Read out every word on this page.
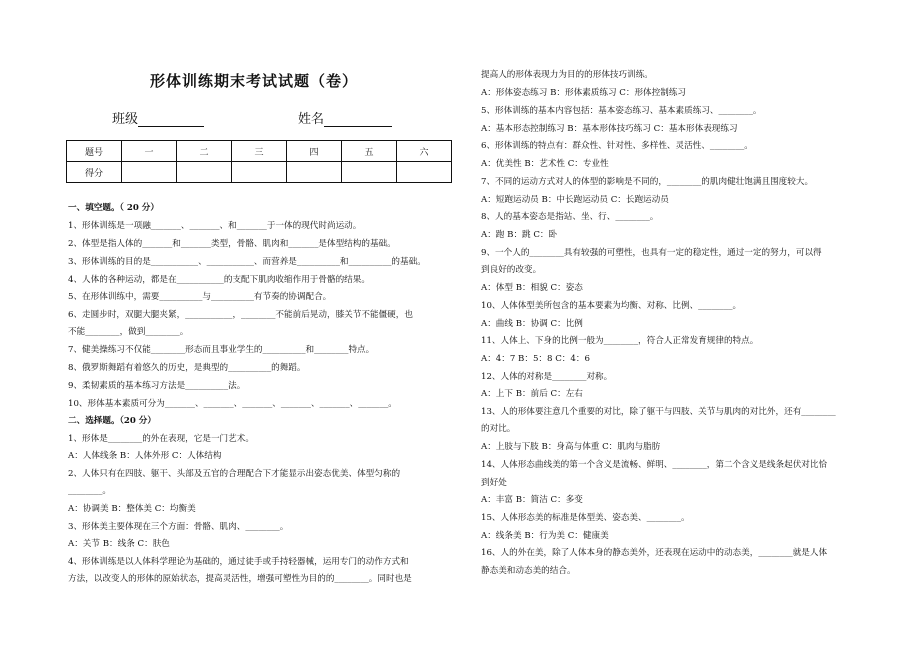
形体训练期末考试试题（卷）
班级	姓名
题号	一	二	三	四	五	六
得分						
一、填空题。（ 20 分）
1、形体训练是一项融_______、_______、和_______于一体的现代时尚运动。
2、体型是指人体的_______和_______类型，骨骼、肌肉和_______是体型结构的基础。
3、形体训练的目的是___________、___________、而营养是__________和__________的基础。
4、人体的各种运动，都是在___________的支配下肌肉收缩作用于骨骼的结果。
5、在形体训练中，需要__________与__________有节奏的协调配合。
6、走圆步时，双腿大腿夹紧，___________，________不能前后晃动，膝关节不能僵硬，也
不能________，做到________。
7、健美操练习不仅能________形态而且事业学生的__________和________特点。
8、俄罗斯舞蹈有着悠久的历史，是典型的__________的舞蹈。
9、柔韧素质的基本练习方法是__________法。
10、形体基本素质可分为_______、_______、_______、_______、_______、_______。
二、选择题。（20 分）
1、形体是________的外在表现，它是一门艺术。
A：人体线条 B：人体外形 C：人体结构
2、人体只有在四肢、躯干、头部及五官的合理配合下才能显示出姿态优美、体型匀称的
________。
A：协调美 B：整体美 C：均衡美
3、形体美主要体现在三个方面：骨骼、肌肉、________。
A：关节 B：线条 C：肤色
4、形体训练是以人体科学理论为基础的，通过徒手或手持轻器械，运用专门的动作方式和
方法，以改变人的形体的原始状态，提高灵活性，增强可塑性为目的的________。同时也是
提高人的形体表现力为目的的形体技巧训练。
A：形体姿态练习 B：形体素质练习 C：形体控制练习
5、形体训练的基本内容包括：基本姿态练习、基本素质练习、________。
A：基本形态控制练习 B：基本形体技巧练习 C：基本形体表现练习
6、形体训练的特点有：群众性、针对性、多样性、灵活性、________。
A：优美性 B：艺术性 C：专业性
7、不同的运动方式对人的体型的影响是不同的，________的肌肉健壮饱满且围度较大。
A：短跑运动员 B：中长跑运动员 C：长跑运动员
8、人的基本姿态是指站、坐、行、________。
A：跑 B：跳 C：卧
9、一个人的________具有较强的可塑性，也具有一定的稳定性，通过一定的努力，可以得
到良好的改变。
A：体型 B：相貌 C：姿态
10、人体体型美所包含的基本要素为均衡、对称、比例、________。
A：曲线 B：协调 C：比例
11、人体上、下身的比例一般为________，符合人正常发育规律的特点。
A：4：7 B：5：8 C：4：6
12、人体的对称是________对称。
A：上下 B：前后 C：左右
13、人的形体要注意几个重要的对比，除了躯干与四肢、关节与肌肉的对比外，还有________
的对比。
A：上肢与下肢 B：身高与体重 C：肌肉与脂肪
14、人体形态曲线美的第一个含义是流畅、鲜明、________，第二个含义是线条起伏对比恰
到好处
A：丰富 B：简洁 C：多变
15、人体形态美的标准是体型美、姿态美、________。
A：线条美 B：行为美 C：健康美
16、人的外在美，除了人体本身的静态美外，还表现在运动中的动态美，________就是人体
静态美和动态美的结合。
